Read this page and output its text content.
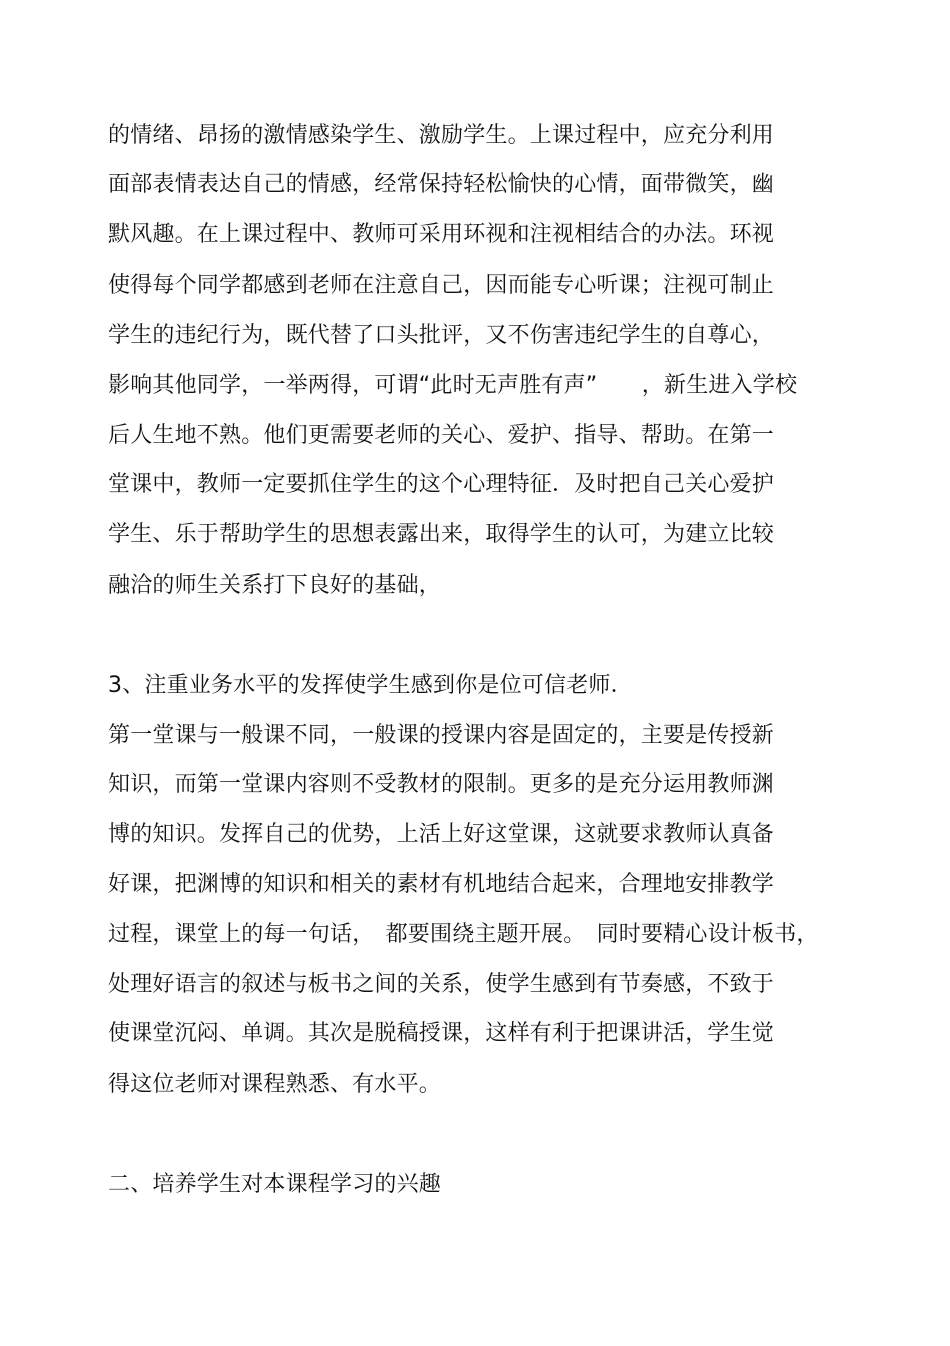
的情绪、昂扬的激情感染学生、激励学生。上课过程中，应充分利用
面部表情表达自己的情感，经常保持轻松愉快的心情，面带微笑，幽
默风趣。在上课过程中、教师可采用环视和注视相结合的办法。环视
使得每个同学都感到老师在注意自己，因而能专心听课；注视可制止
学生的违纪行为，既代替了口头批评，又不伤害违纪学生的自尊心，
影响其他同学，一举两得，可谓“此时无声胜有声”　　，新生进入学校
后人生地不熟。他们更需要老师的关心、爱护、指导、帮助。在第一
堂课中，教师一定要抓住学生的这个心理特征．及时把自己关心爱护
学生、乐于帮助学生的思想表露出来，取得学生的认可，为建立比较
融洽的师生关系打下良好的基础，
3、注重业务水平的发挥使学生感到你是位可信老师．
第一堂课与一般课不同，一般课的授课内容是固定的，主要是传授新
知识，而第一堂课内容则不受教材的限制。更多的是充分运用教师渊
博的知识。发挥自己的优势，上活上好这堂课，这就要求教师认真备
好课，把渊博的知识和相关的素材有机地结合起来，合理地安排教学
过程，课堂上的每一句话，　都要围绕主题开展。　同时要精心设计板书，
处理好语言的叙述与板书之间的关系，使学生感到有节奏感，不致于
使课堂沉闷、单调。其次是脱稿授课，这样有利于把课讲活，学生觉
得这位老师对课程熟悉、有水平。
二、培养学生对本课程学习的兴趣
